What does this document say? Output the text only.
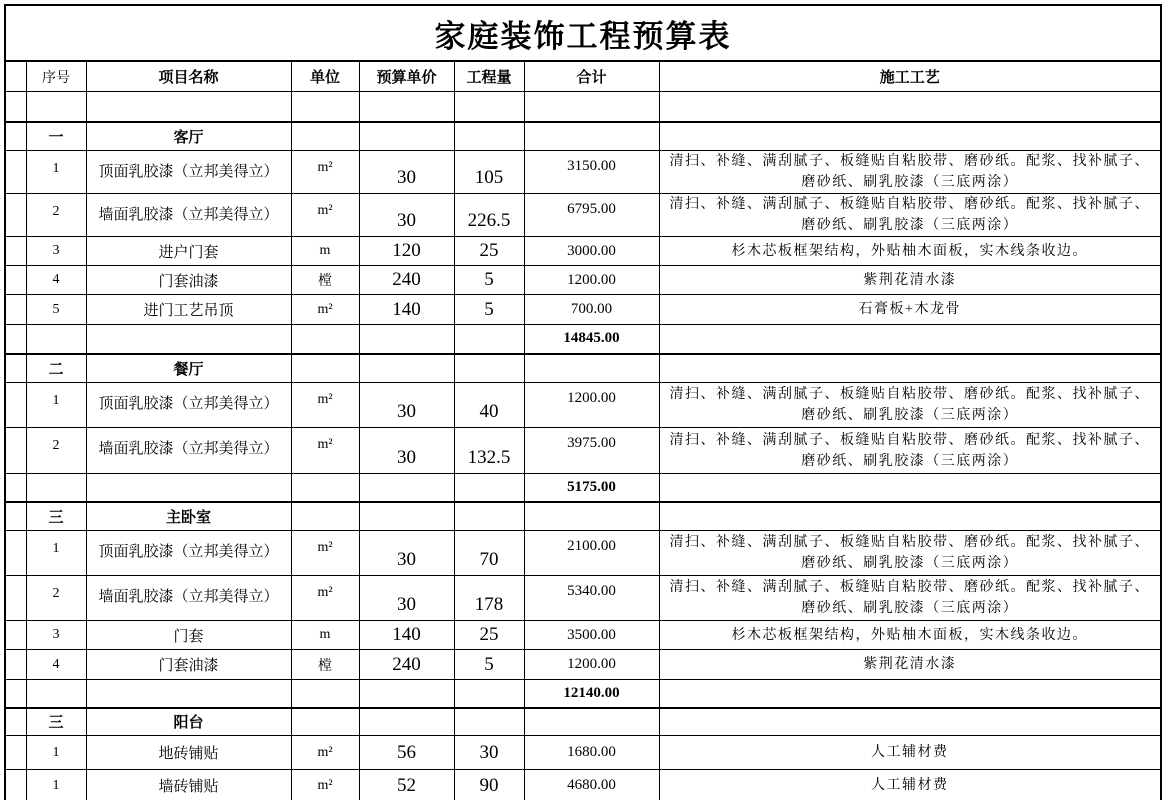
家庭装饰工程预算表							
	序号	项目名称	单位	预算单价	工程量	合计	施工工艺

	一	客厅					
	1	顶面乳胶漆（立邦美得立）	m²	30	105	3150.00	清扫、补缝、满刮腻子、板缝贴自粘胶带、磨砂纸。配浆、找补腻子、磨砂纸、刷乳胶漆（三底两涂）
	2	墙面乳胶漆（立邦美得立）	m²	30	226.5	6795.00	清扫、补缝、满刮腻子、板缝贴自粘胶带、磨砂纸。配浆、找补腻子、磨砂纸、刷乳胶漆（三底两涂）
	3	进户门套	m	120	25	3000.00	杉木芯板框架结构，外贴柚木面板，实木线条收边。
	4	门套油漆	樘	240	5	1200.00	紫荆花清水漆
	5	进门工艺吊顶	m²	140	5	700.00	石膏板+木龙骨
						14845.00	
	二	餐厅					
	1	顶面乳胶漆（立邦美得立）	m²	30	40	1200.00	清扫、补缝、满刮腻子、板缝贴自粘胶带、磨砂纸。配浆、找补腻子、磨砂纸、刷乳胶漆（三底两涂）
	2	墙面乳胶漆（立邦美得立）	m²	30	132.5	3975.00	清扫、补缝、满刮腻子、板缝贴自粘胶带、磨砂纸。配浆、找补腻子、磨砂纸、刷乳胶漆（三底两涂）
						5175.00	
	三	主卧室					
	1	顶面乳胶漆（立邦美得立）	m²	30	70	2100.00	清扫、补缝、满刮腻子、板缝贴自粘胶带、磨砂纸。配浆、找补腻子、磨砂纸、刷乳胶漆（三底两涂）
	2	墙面乳胶漆（立邦美得立）	m²	30	178	5340.00	清扫、补缝、满刮腻子、板缝贴自粘胶带、磨砂纸。配浆、找补腻子、磨砂纸、刷乳胶漆（三底两涂）
	3	门套	m	140	25	3500.00	杉木芯板框架结构，外贴柚木面板，实木线条收边。
	4	门套油漆	樘	240	5	1200.00	紫荆花清水漆
						12140.00	
	三	阳台					
	1	地砖铺贴	m²	56	30	1680.00	人工辅材费
	1	墙砖铺贴	m²	52	90	4680.00	人工辅材费
